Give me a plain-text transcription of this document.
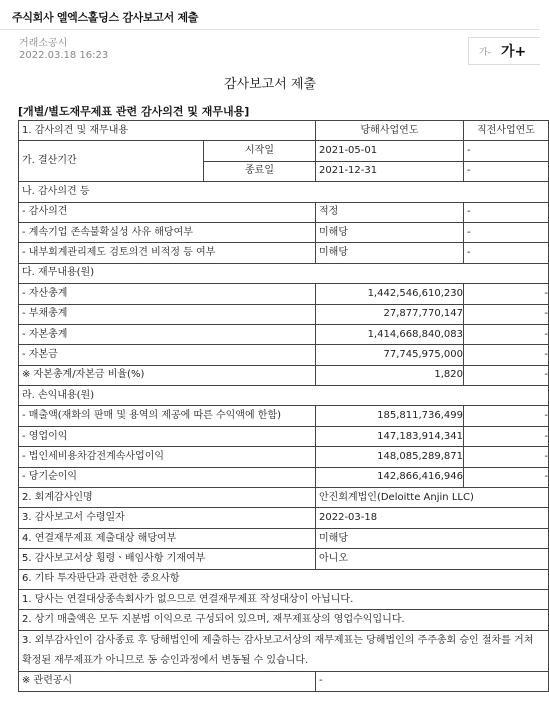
주식회사 엘엑스홀딩스 감사보고서 제출
거래소공시
2022.03.18 16:23	가- 가+
감사보고서 제출
[개별/별도재무제표 관련 감사의견 및 재무내용]
1. 감사의견 및 재무내용		당해사업연도	직전사업연도
가. 결산기간	시작일	2021-05-01	-
	종료일	2021-12-31	-
나. 감사의견 등			
- 감사의견		적정	-
- 계속기업 존속불확실성 사유 해당여부		미해당	-
- 내부회계관리제도 검토의견 비적정 등 여부		미해당	-
다. 재무내용(원)			
- 자산총계		1,442,546,610,230	-
- 부채총계		27,877,770,147	-
- 자본총계		1,414,668,840,083	-
- 자본금		77,745,975,000	-
※ 자본총계/자본금 비율(%)		1,820	-
라. 손익내용(원)			
- 매출액(재화의 판매 및 용역의 제공에 따른 수익액에 한함)		185,811,736,499	-
- 영업이익		147,183,914,341	-
- 법인세비용차감전계속사업이익		148,085,289,871	-
- 당기순이익		142,866,416,946	-
2. 회계감사인명		안진회계법인(Deloitte Anjin LLC)	
3. 감사보고서 수령일자		2022-03-18	
4. 연결재무제표 제출대상 해당여부		미해당	
5. 감사보고서상 횡령ㆍ배임사항 기재여부		아니오	
6. 기타 투자판단과 관련한 중요사항			
1. 당사는 연결대상종속회사가 없으므로 연결재무제표 작성대상이 아닙니다.			
2. 상기 매출액은 모두 지분법 이익으로 구성되어 있으며, 재무제표상의 영업수익입니다.			
3. 외부감사인이 감사종료 후 당해법인에 제출하는 감사보고서상의 재무제표는 당해법인의 주주총회 승인 절차를 거쳐 확정된 재무제표가 아니므로 동 승인과정에서 변동될 수 있습니다.			
※ 관련공시		-	
